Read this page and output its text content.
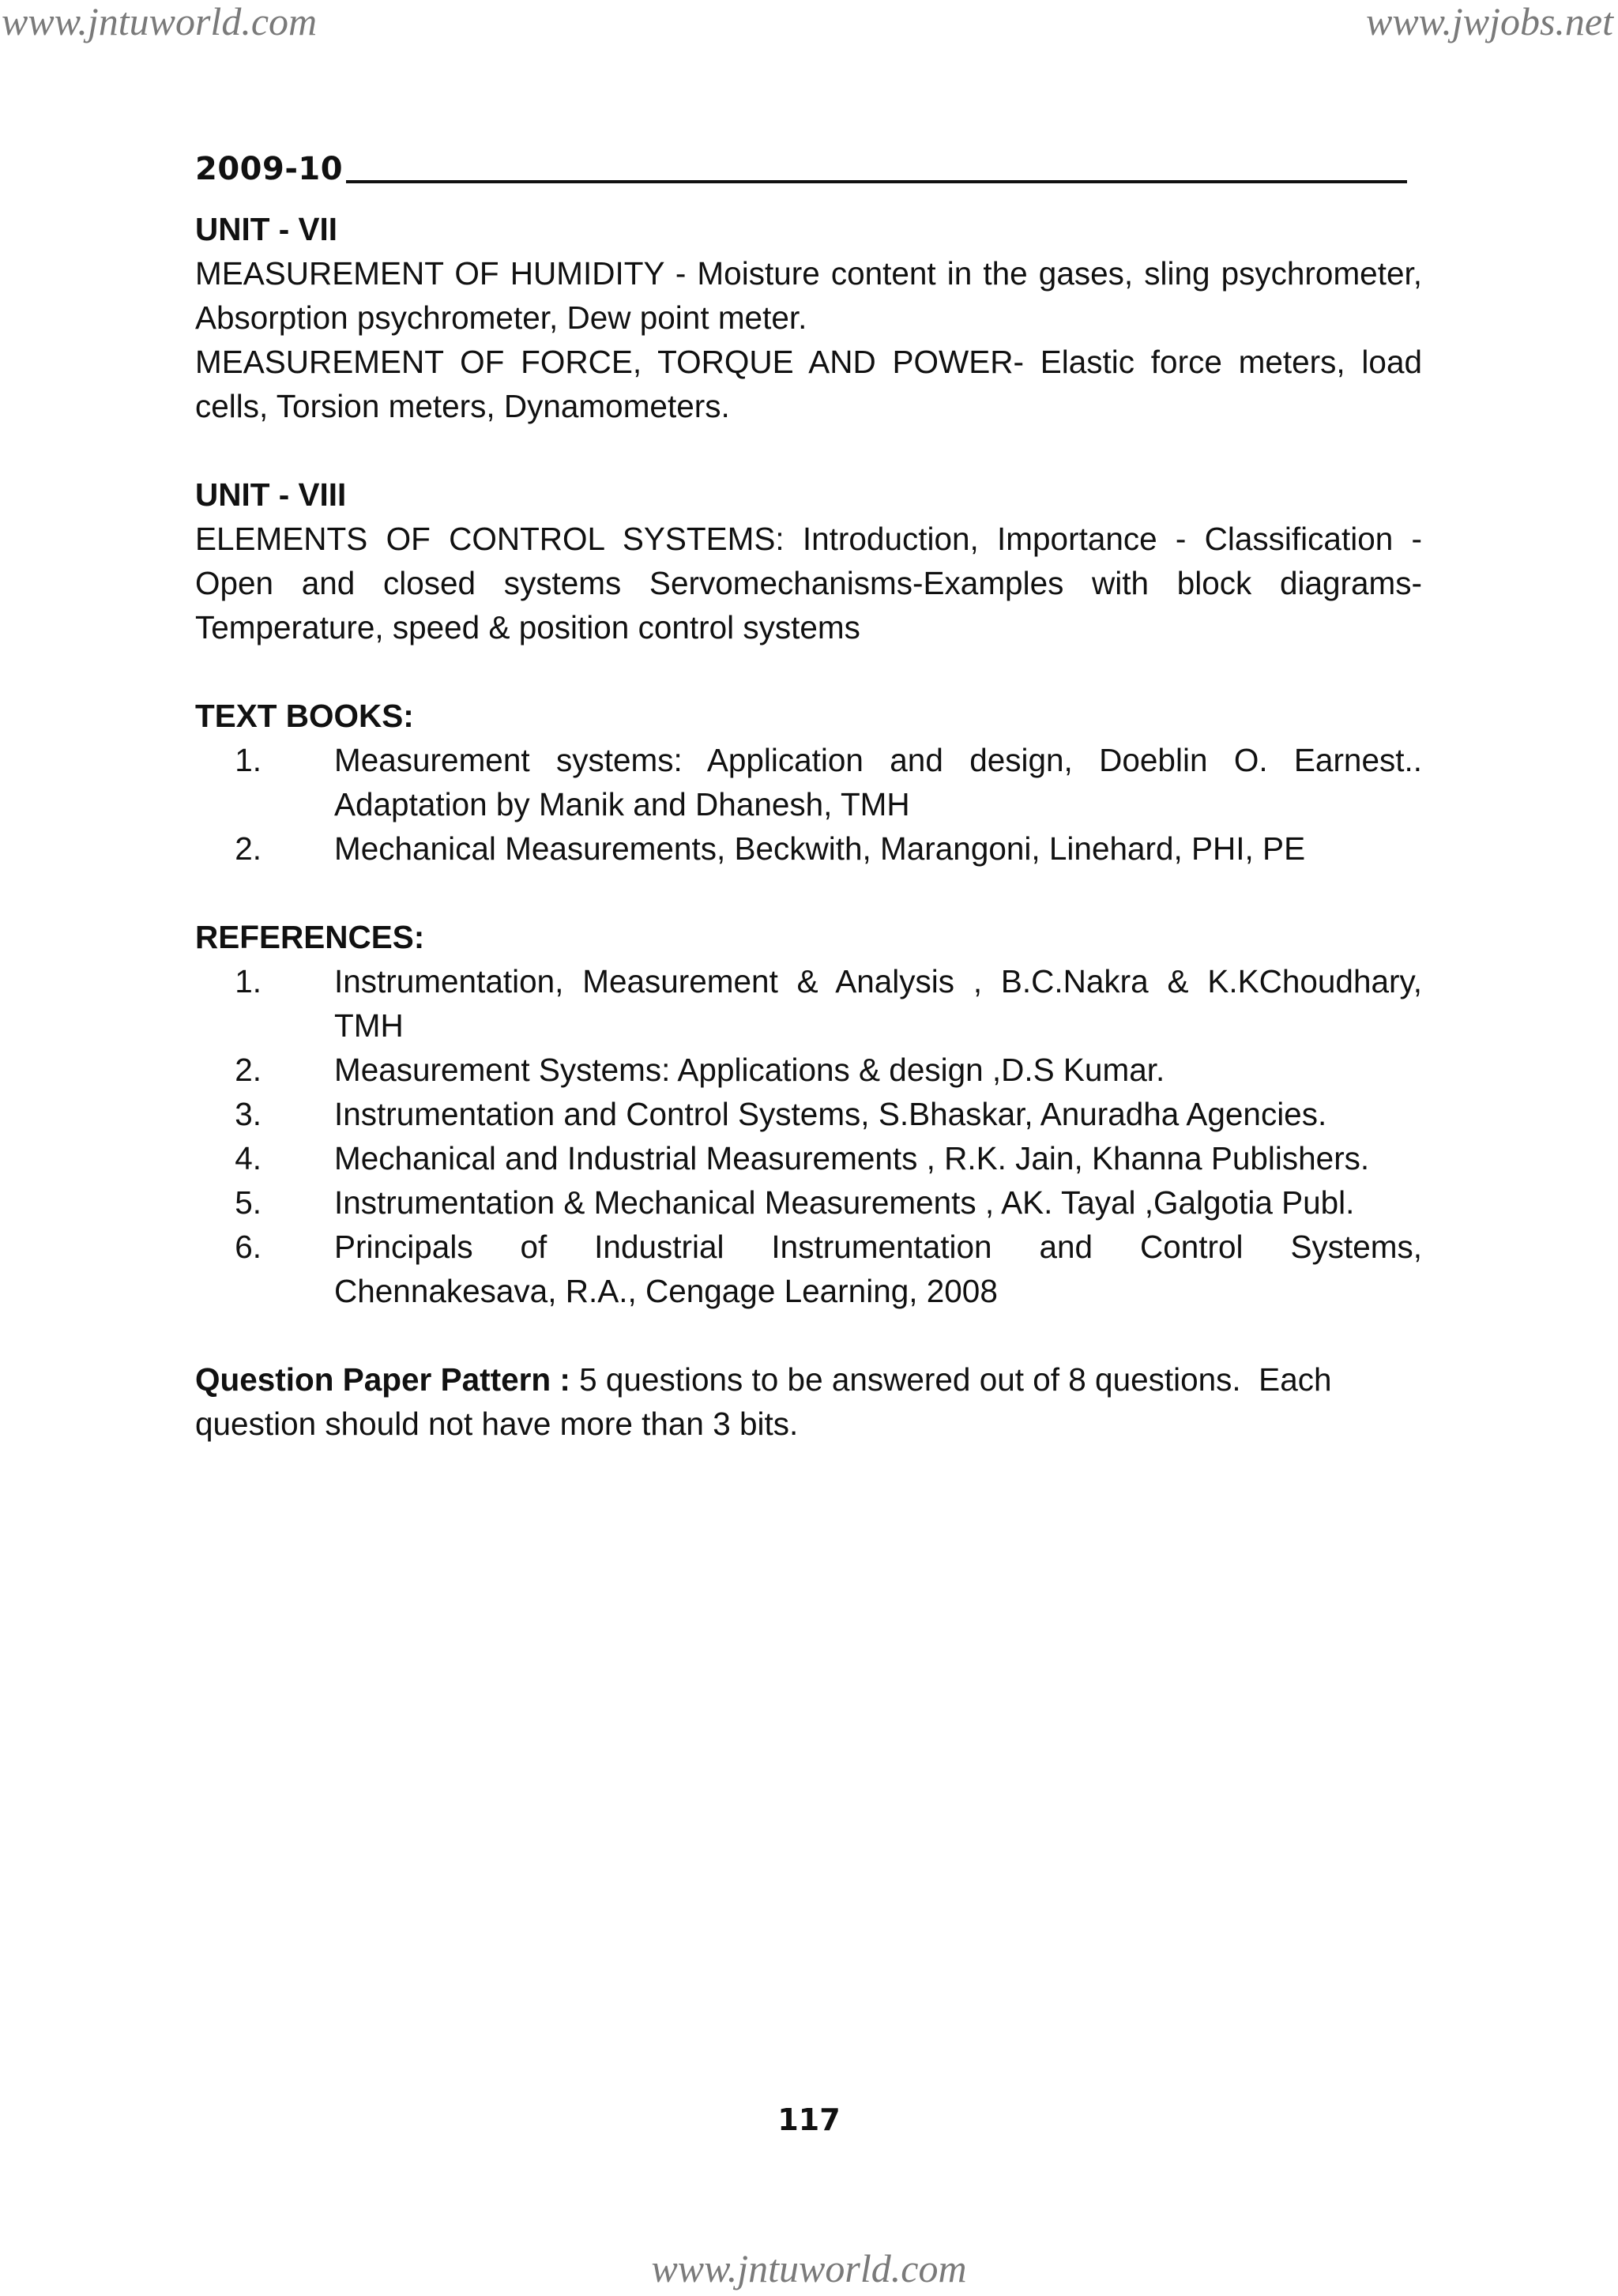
www.jntuworld.com	www.jwjobs.net
2009-10
UNIT - VII

MEASUREMENT OF HUMIDITY - Moisture content in the gases, sling psychrometer, Absorption psychrometer, Dew point meter.

MEASUREMENT OF FORCE, TORQUE AND POWER- Elastic force meters, load cells, Torsion meters, Dynamometers.

UNIT - VIII

ELEMENTS OF CONTROL SYSTEMS: Introduction, Importance - Classification - Open and closed systems Servomechanisms-Examples with block diagrams-Temperature, speed & position control systems

TEXT BOOKS:
1.	Measurement systems: Application and design, Doeblin O. Earnest.. Adaptation by Manik and Dhanesh, TMH
2.	Mechanical Measurements, Beckwith, Marangoni, Linehard, PHI, PE
REFERENCES:
1.	Instrumentation, Measurement & Analysis , B.C.Nakra & K.KChoudhary, TMH
2.	Measurement Systems: Applications & design ,D.S Kumar.
3.	Instrumentation and Control Systems, S.Bhaskar, Anuradha Agencies.
4.	Mechanical and Industrial Measurements , R.K. Jain, Khanna Publishers.
5.	Instrumentation & Mechanical Measurements , AK. Tayal ,Galgotia Publ.
6.	Principals of Industrial Instrumentation and Control Systems, Chennakesava, R.A., Cengage Learning, 2008
Question Paper Pattern : 5 questions to be answered out of 8 questions.  Each
question should not have more than 3 bits.
117
www.jntuworld.com
